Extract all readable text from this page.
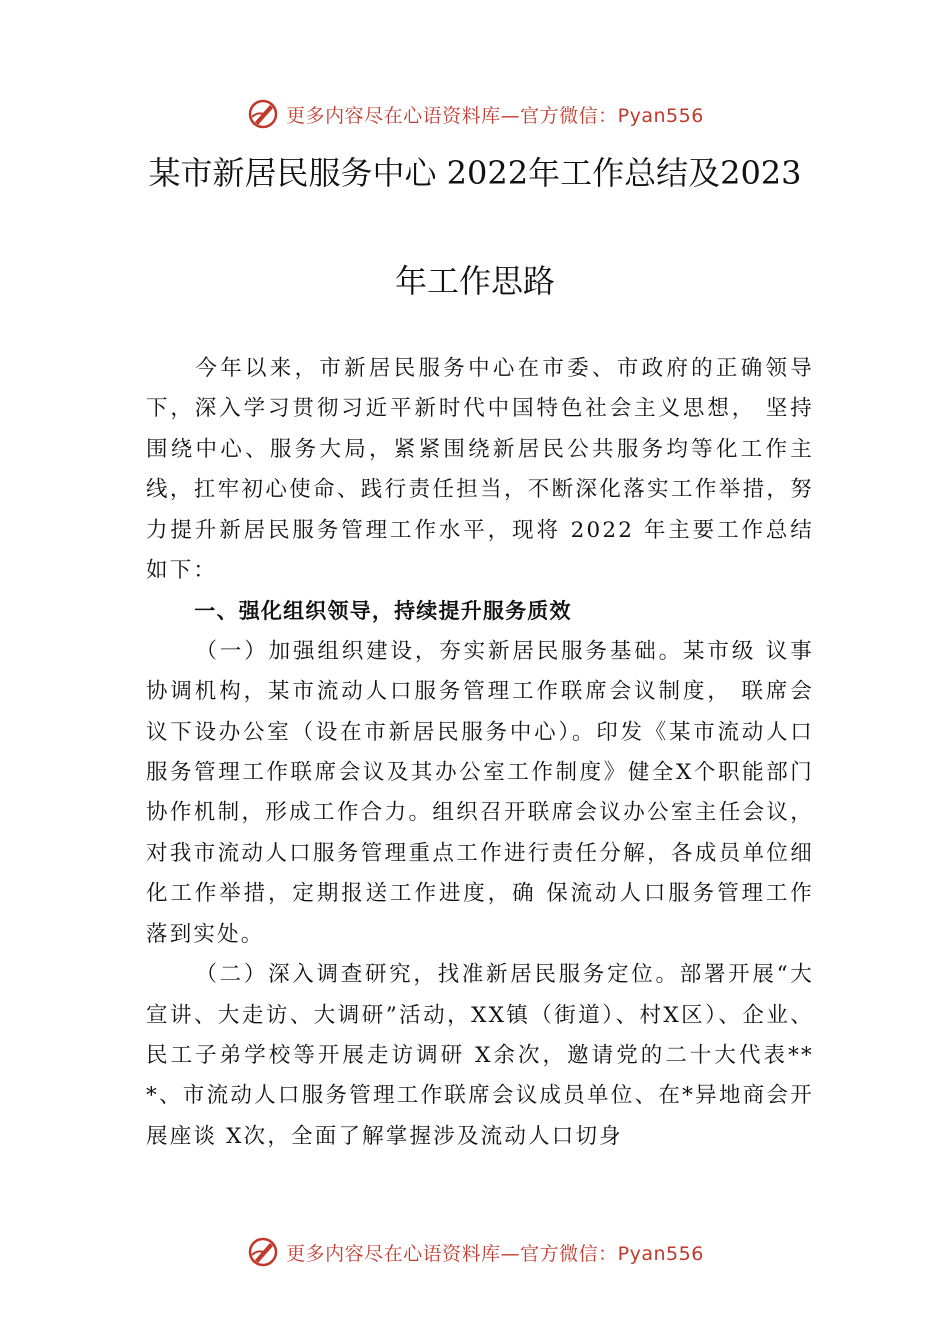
更多内容尽在心语资料库—官方微信：Pyan556
某市新居民服务中心 2022年工作总结及2023
年工作思路

今年以来，市新居民服务中心在市委、市政府的正确领导下，深入学习贯彻习近平新时代中国特色社会主义思想， 坚持围绕中心、服务大局，紧紧围绕新居民公共服务均等化工作主线，扛牢初心使命、践行责任担当，不断深化落实工作举措，努力提升新居民服务管理工作水平，现将 2022 年主要工作总结如下：

一、强化组织领导，持续提升服务质效

（一）加强组织建设，夯实新居民服务基础。某市级 议事协调机构，某市流动人口服务管理工作联席会议制度， 联席会议下设办公室（设在市新居民服务中心）。印发《某市流动人口服务管理工作联席会议及其办公室工作制度》健全X个职能部门协作机制，形成工作合力。组织召开联席会议办公室主任会议，对我市流动人口服务管理重点工作进行责任分解，各成员单位细化工作举措，定期报送工作进度，确 保流动人口服务管理工作落到实处。

（二）深入调查研究，找准新居民服务定位。部署开展“大宣讲、大走访、大调研”活动，XX镇（街道）、村X区）、企业、民工子弟学校等开展走访调研 X余次，邀请党的二十大代表***、市流动人口服务管理工作联席会议成员单位、在*异地商会开展座谈 X次，全面了解掌握涉及流动人口切身

更多内容尽在心语资料库—官方微信：Pyan556
